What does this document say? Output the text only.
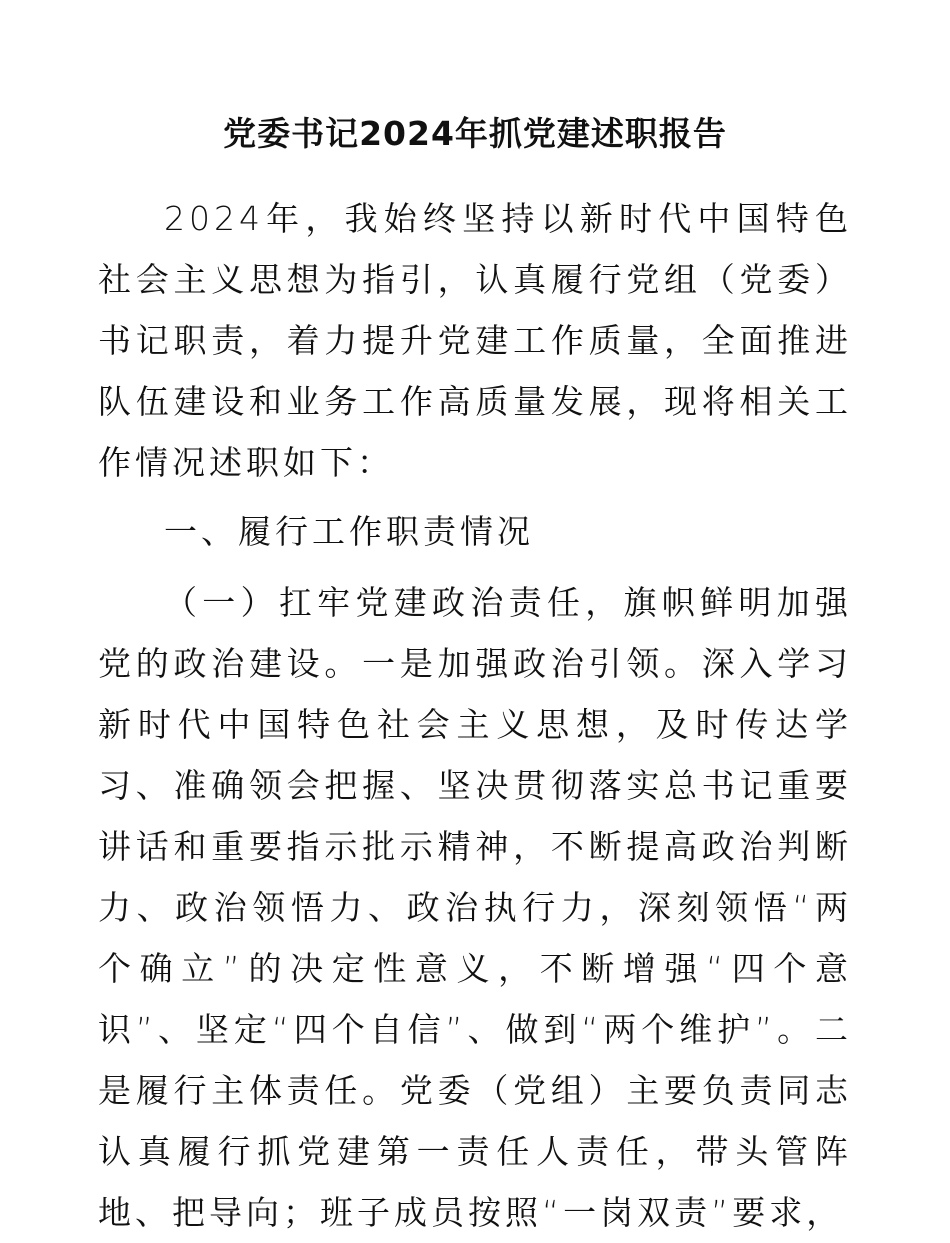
党委书记2024年抓党建述职报告

2024年，我始终坚持以新时代中国特色社会主义思想为指引，认真履行党组（党委）书记职责，着力提升党建工作质量，全面推进队伍建设和业务工作高质量发展，现将相关工作情况述职如下：

一、履行工作职责情况

（一）扛牢党建政治责任，旗帜鲜明加强党的政治建设。一是加强政治引领。深入学习新时代中国特色社会主义思想，及时传达学习、准确领会把握、坚决贯彻落实总书记重要讲话和重要指示批示精神，不断提高政治判断力、政治领悟力、政治执行力，深刻领悟“两个确立”的决定性意义，不断增强“四个意识”、坚定“四个自信”、做到“两个维护”。二是履行主体责任。党委（党组）主要负责同志认真履行抓党建第一责任人责任，带头管阵地、把导向；班子成员按照“一岗双责”要求，
